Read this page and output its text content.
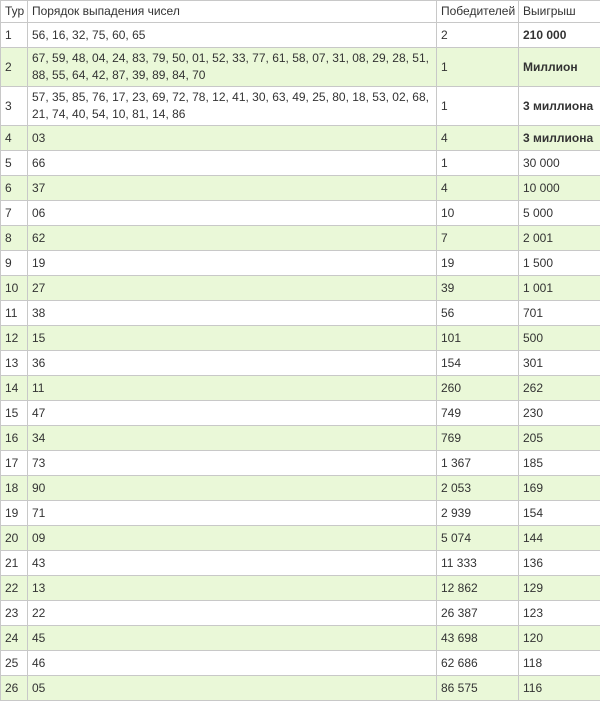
Тур	Порядок выпадения чисел	Победителей	Выигрыш
1	56, 16, 32, 75, 60, 65	2	210 000
2	67, 59, 48, 04, 24, 83, 79, 50, 01, 52, 33, 77, 61, 58, 07, 31, 08, 29, 28, 51, 88, 55, 64, 42, 87, 39, 89, 84, 70	1	Миллион
3	57, 35, 85, 76, 17, 23, 69, 72, 78, 12, 41, 30, 63, 49, 25, 80, 18, 53, 02, 68, 21, 74, 40, 54, 10, 81, 14, 86	1	3 миллиона
4	03	4	3 миллиона
5	66	1	30 000
6	37	4	10 000
7	06	10	5 000
8	62	7	2 001
9	19	19	1 500
10	27	39	1 001
11	38	56	701
12	15	101	500
13	36	154	301
14	11	260	262
15	47	749	230
16	34	769	205
17	73	1 367	185
18	90	2 053	169
19	71	2 939	154
20	09	5 074	144
21	43	11 333	136
22	13	12 862	129
23	22	26 387	123
24	45	43 698	120
25	46	62 686	118
26	05	86 575	116
